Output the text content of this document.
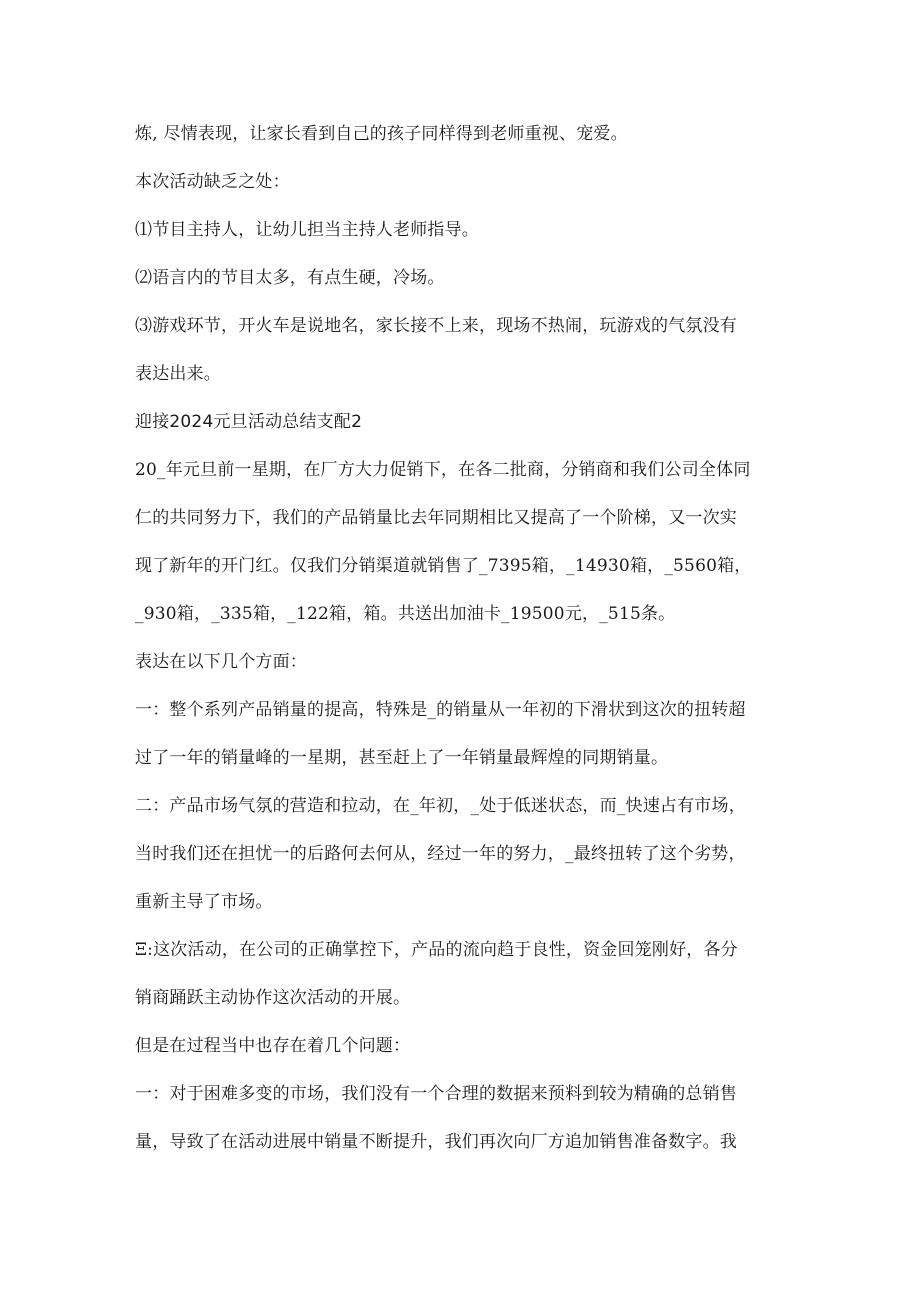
炼, 尽情表现，让家长看到自己的孩子同样得到老师重视、宠爱。

本次活动缺乏之处：

⑴节目主持人，让幼儿担当主持人老师指导。

⑵语言内的节目太多，有点生硬，冷场。

⑶游戏环节，开火车是说地名，家长接不上来，现场不热闹，玩游戏的气氛没有
表达出来。

迎接2024元旦活动总结支配2

20_年元旦前一星期，在厂方大力促销下，在各二批商，分销商和我们公司全体同
仁的共同努力下，我们的产品销量比去年同期相比又提高了一个阶梯，又一次实
现了新年的开门红。仅我们分销渠道就销售了_7395箱，_14930箱，_5560箱，
_930箱，_335箱，_122箱，箱。共送出加油卡_19500元，_515条。

表达在以下几个方面：

一：整个系列产品销量的提高，特殊是_的销量从一年初的下滑状到这次的扭转超
过了一年的销量峰的一星期，甚至赶上了一年销量最辉煌的同期销量。

二：产品市场气氛的营造和拉动，在_年初，_处于低迷状态，而_快速占有市场，
当时我们还在担忧一的后路何去何从，经过一年的努力，_最终扭转了这个劣势，
重新主导了市场。

Ξ:这次活动，在公司的正确掌控下，产品的流向趋于良性，资金回笼刚好，各分
销商踊跃主动协作这次活动的开展。

但是在过程当中也存在着几个问题：

一：对于困难多变的市场，我们没有一个合理的数据来预料到较为精确的总销售
量，导致了在活动进展中销量不断提升，我们再次向厂方追加销售准备数字。我
